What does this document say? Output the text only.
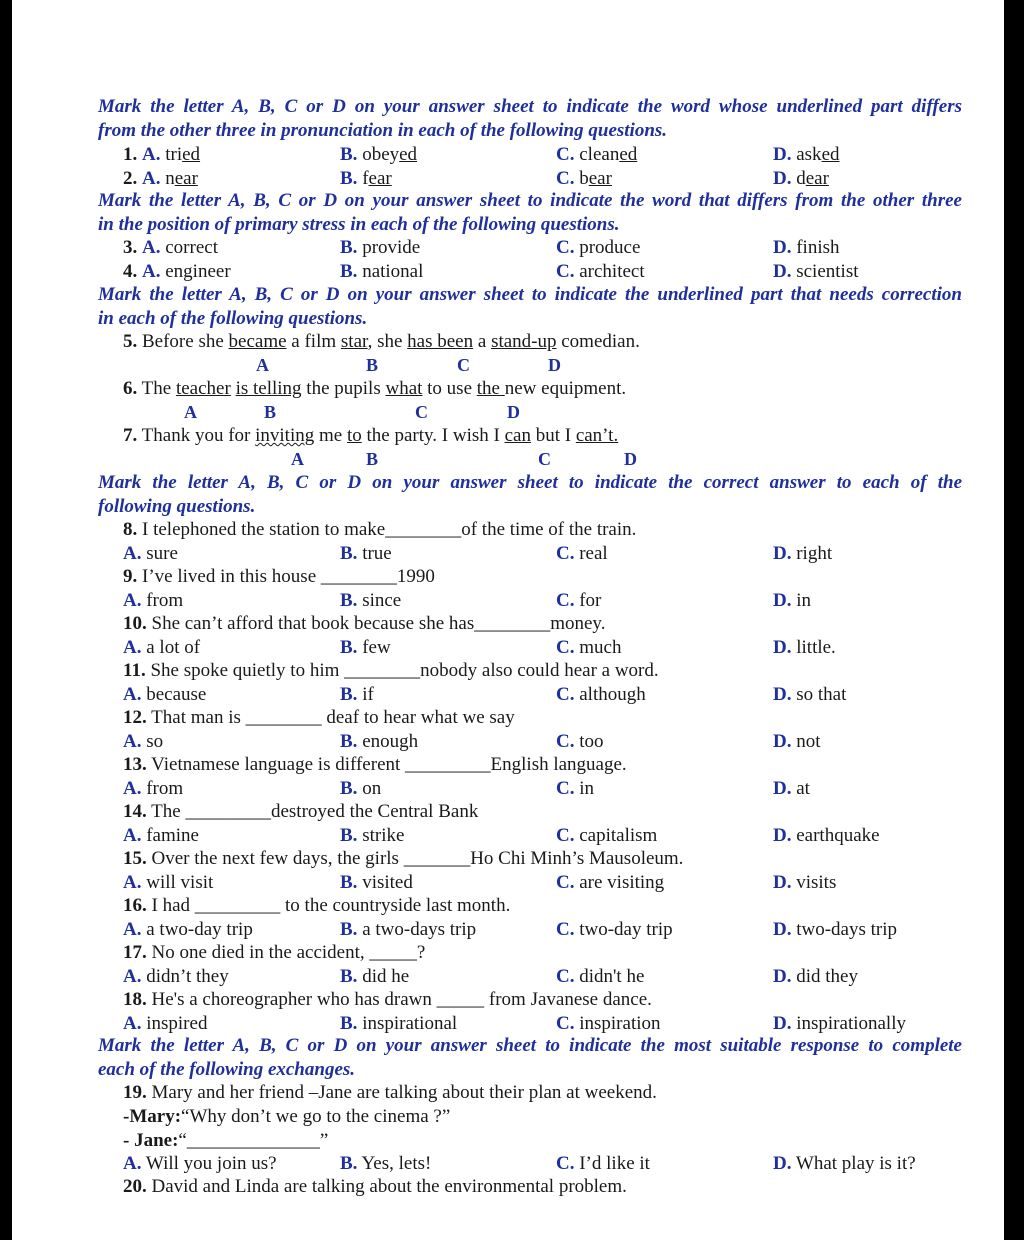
Mark the letter A, B, C or D on your answer sheet to indicate the word whose underlined part differs
from the other three in pronunciation in each of the following questions.
1. A. tried	B. obeyed	C. cleaned	D. asked
2. A. near	B. fear	C. bear	D. dear
Mark the letter A, B, C or D on your answer sheet to indicate the word that differs from the other three
in the position of primary stress in each of the following questions.
3. A. correct	B. provide	C. produce	D. finish
4. A. engineer	B. national	C. architect	D. scientist
Mark the letter A, B, C or D on your answer sheet to indicate the underlined part that needs correction
in each of the following questions.
5. Before she became a film star, she has been a stand-up comedian.
A	B	C	D
6. The teacher is telling the pupils what to use the new equipment.
A	B	C	D
7. Thank you for inviting me to the party. I wish I can but I can’t.
A	B	C	D
Mark the letter A, B, C or D on your answer sheet to indicate the correct answer to each of the
following questions.
8. I telephoned the station to make________of the time of the train.
A. sure	B. true	C. real	D. right
9. I’ve lived in this house ________1990
A. from	B. since	C. for	D. in
10. She can’t afford that book because she has________money.
A. a lot of	B. few	C. much	D. little.
11. She spoke quietly to him ________nobody also could hear a word.
A. because	B. if	C. although	D. so that
12. That man is ________ deaf to hear what we say
A. so	B. enough	C. too	D. not
13. Vietnamese language is different _________English language.
A. from	B. on	C. in	D. at
14. The _________destroyed the Central Bank
A. famine	B. strike	C. capitalism	D. earthquake
15. Over the next few days, the girls _______Ho Chi Minh’s Mausoleum.
A. will visit	B. visited	C. are visiting	D. visits
16. I had _________ to the countryside last month.
A. a two-day trip	B. a two-days trip	C. two-day trip	D. two-days trip
17. No one died in the accident, _____?
A. didn’t they	B. did he	C. didn't he	D. did they
18. He's a choreographer who has drawn _____ from Javanese dance.
A. inspired	B. inspirational	C. inspiration	D. inspirationally
Mark the letter A, B, C or D on your answer sheet to indicate the most suitable response to complete
each of the following exchanges.
19. Mary and her friend –Jane are talking about their plan at weekend.
-Mary:“Why don’t we go to the cinema ?”
- Jane:“______________”
A. Will you join us?	B. Yes, lets!	C. I’d like it	D. What play is it?
20. David and Linda are talking about the environmental problem.
